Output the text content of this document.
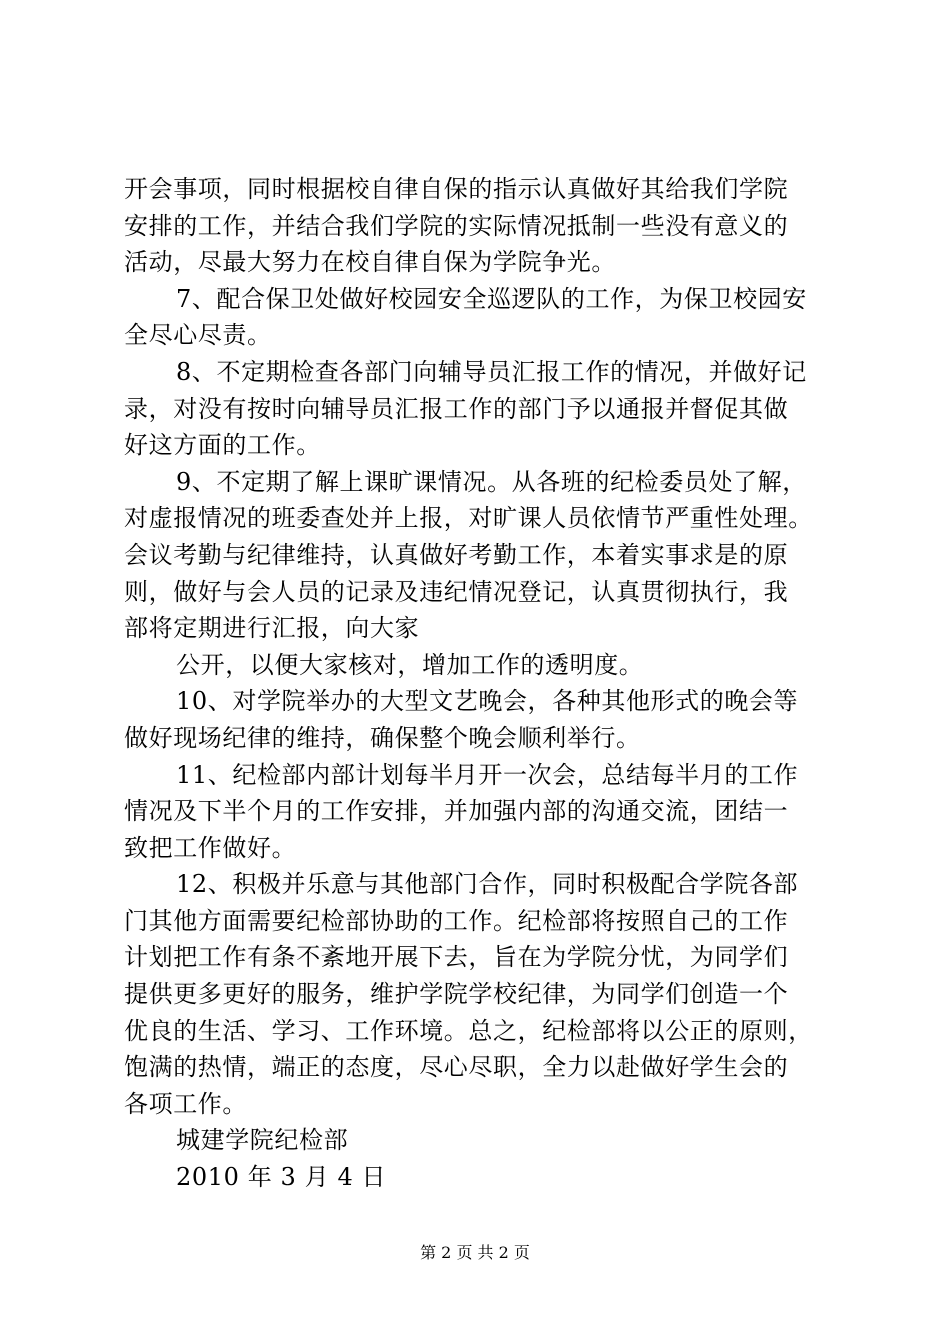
开会事项，同时根据校自律自保的指示认真做好其给我们学院
安排的工作，并结合我们学院的实际情况抵制一些没有意义的
活动，尽最大努力在校自律自保为学院争光。
7、配合保卫处做好校园安全巡逻队的工作，为保卫校园安
全尽心尽责。
8、不定期检查各部门向辅导员汇报工作的情况，并做好记
录，对没有按时向辅导员汇报工作的部门予以通报并督促其做
好这方面的工作。
9、不定期了解上课旷课情况。从各班的纪检委员处了解，
对虚报情况的班委查处并上报，对旷课人员依情节严重性处理。
会议考勤与纪律维持，认真做好考勤工作，本着实事求是的原
则，做好与会人员的记录及违纪情况登记，认真贯彻执行，我
部将定期进行汇报，向大家
公开，以便大家核对，增加工作的透明度。
10、对学院举办的大型文艺晚会，各种其他形式的晚会等
做好现场纪律的维持，确保整个晚会顺利举行。
11、纪检部内部计划每半月开一次会，总结每半月的工作
情况及下半个月的工作安排，并加强内部的沟通交流，团结一
致把工作做好。
12、积极并乐意与其他部门合作，同时积极配合学院各部
门其他方面需要纪检部协助的工作。纪检部将按照自己的工作
计划把工作有条不紊地开展下去，旨在为学院分忧，为同学们
提供更多更好的服务，维护学院学校纪律，为同学们创造一个
优良的生活、学习、工作环境。总之，纪检部将以公正的原则，
饱满的热情，端正的态度，尽心尽职，全力以赴做好学生会的
各项工作。
城建学院纪检部
2010 年 3 月 4 日
第 2 页 共 2 页
